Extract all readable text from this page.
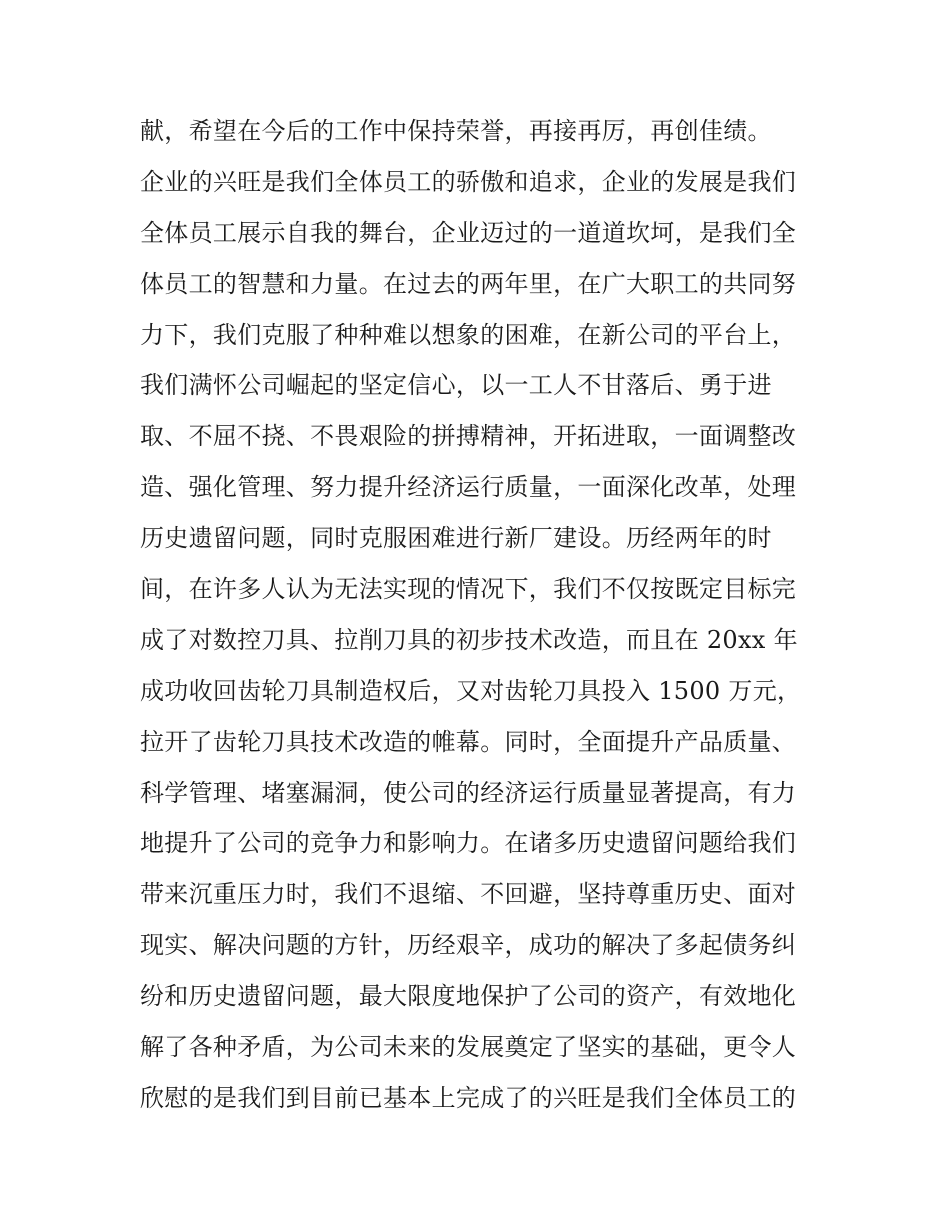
献，希望在今后的工作中保持荣誉，再接再厉，再创佳绩。
企业的兴旺是我们全体员工的骄傲和追求，企业的发展是我们
全体员工展示自我的舞台，企业迈过的一道道坎坷，是我们全
体员工的智慧和力量。在过去的两年里，在广大职工的共同努
力下，我们克服了种种难以想象的困难，在新公司的平台上，
我们满怀公司崛起的坚定信心，以一工人不甘落后、勇于进
取、不屈不挠、不畏艰险的拼搏精神，开拓进取，一面调整改
造、强化管理、努力提升经济运行质量，一面深化改革，处理
历史遗留问题，同时克服困难进行新厂建设。历经两年的时
间，在许多人认为无法实现的情况下，我们不仅按既定目标完
成了对数控刀具、拉削刀具的初步技术改造，而且在 20xx 年
成功收回齿轮刀具制造权后，又对齿轮刀具投入 1500 万元，
拉开了齿轮刀具技术改造的帷幕。同时，全面提升产品质量、
科学管理、堵塞漏洞，使公司的经济运行质量显著提高，有力
地提升了公司的竞争力和影响力。在诸多历史遗留问题给我们
带来沉重压力时，我们不退缩、不回避，坚持尊重历史、面对
现实、解决问题的方针，历经艰辛，成功的解决了多起债务纠
纷和历史遗留问题，最大限度地保护了公司的资产，有效地化
解了各种矛盾，为公司未来的发展奠定了坚实的基础，更令人
欣慰的是我们到目前已基本上完成了的兴旺是我们全体员工的
